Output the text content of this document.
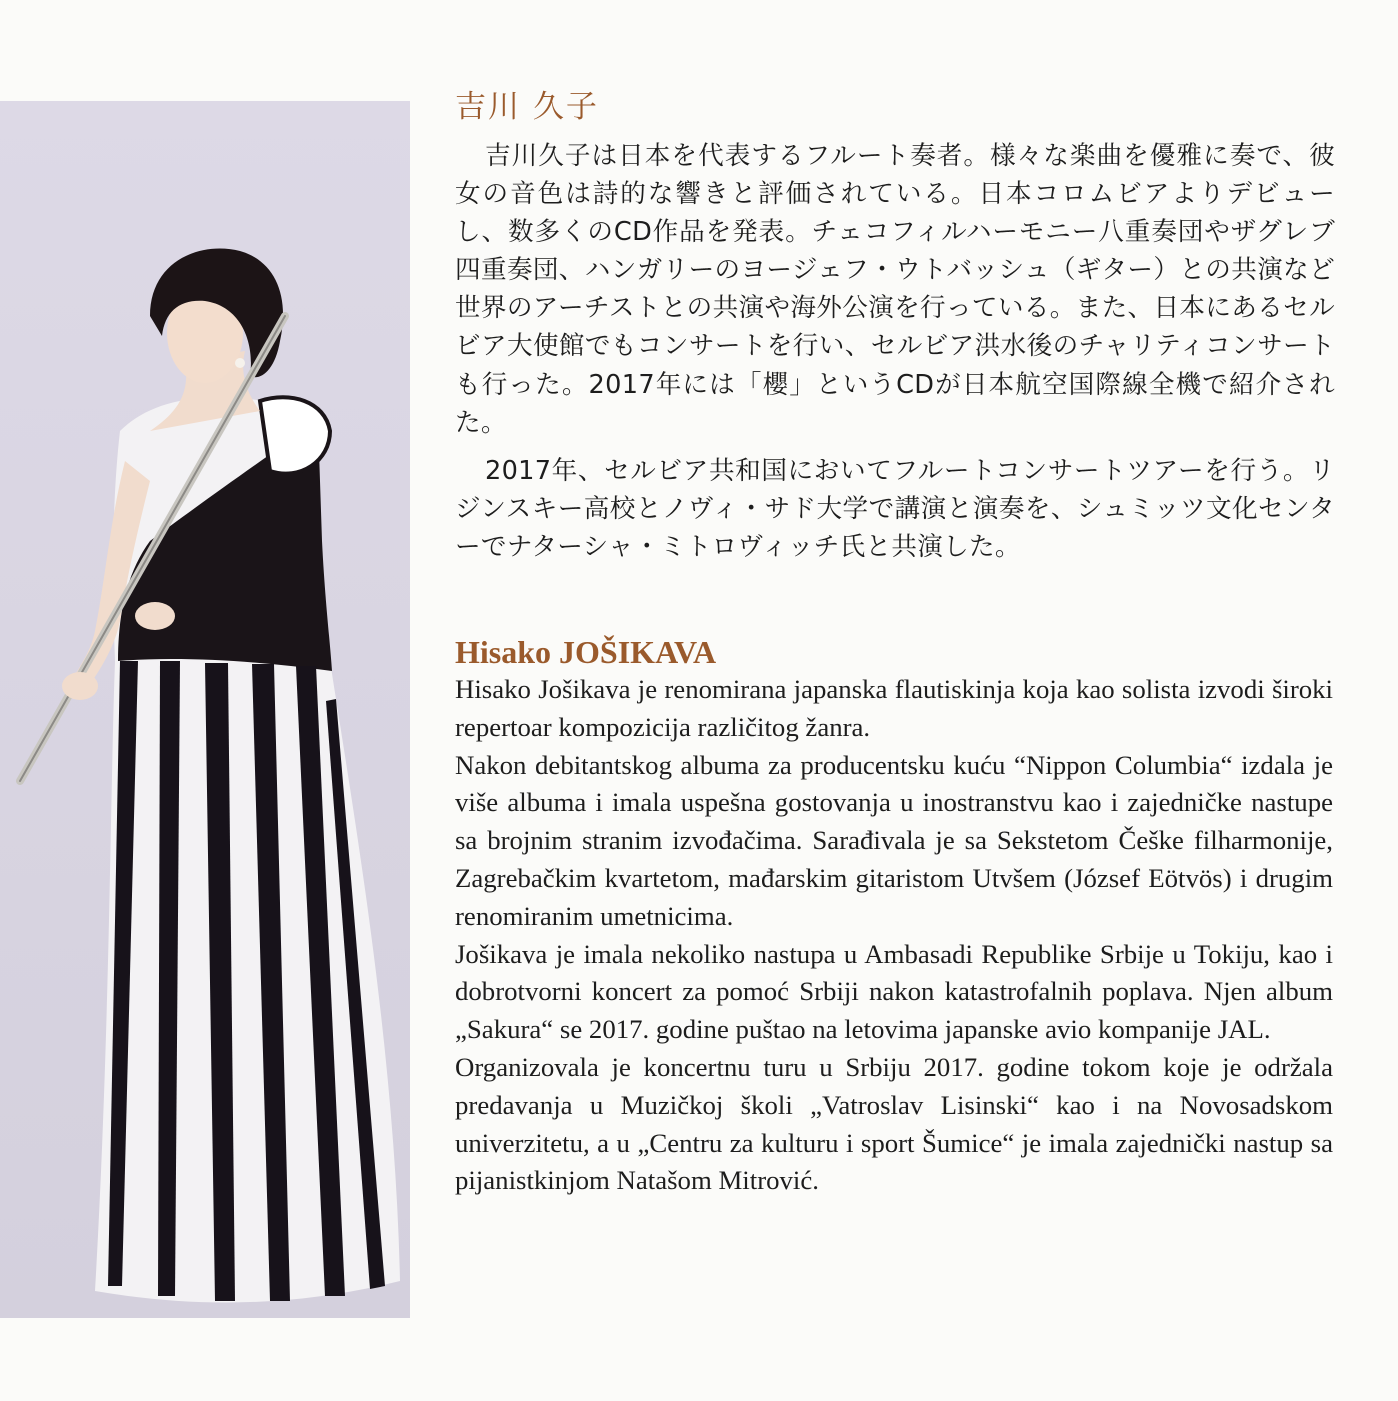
吉川 久子

吉川久子は日本を代表するフルート奏者。様々な楽曲を優雅に奏で、彼女の音色は詩的な響きと評価されている。日本コロムビアよりデビューし、数多くのCD作品を発表。チェコフィルハーモニー八重奏団やザグレブ四重奏団、ハンガリーのヨージェフ・ウトバッシュ（ギター）との共演など世界のアーチストとの共演や海外公演を行っている。また、日本にあるセルビア大使館でもコンサートを行い、セルビア洪水後のチャリティコンサートも行った。2017年には「櫻」というCDが日本航空国際線全機で紹介された。

2017年、セルビア共和国においてフルートコンサートツアーを行う。リジンスキー高校とノヴィ・サド大学で講演と演奏を、シュミッツ文化センターでナターシャ・ミトロヴィッチ氏と共演した。

Hisako JOŠIKAVA

Hisako Jošikava je renomirana japanska flautiskinja koja kao solista izvodi široki repertoar kompozicija različitog žanra.

Nakon debitantskog albuma za producentsku kuću “Nippon Columbia“ izdala je više albuma i imala uspešna gostovanja u inostranstvu kao i zajedničke nastupe sa brojnim stranim izvođačima. Sarađivala je sa Sekstetom Češke filharmonije, Zagrebačkim kvartetom, mađarskim gitaristom Utvšem (József Eötvös) i drugim renomiranim umetnicima.

Jošikava je imala nekoliko nastupa u Ambasadi Republike Srbije u Tokiju, kao i dobrotvorni koncert za pomoć Srbiji nakon katastrofalnih poplava. Njen album „Sakura“ se 2017. godine puštao na letovima japanske avio kompanije JAL.

Organizovala je koncertnu turu u Srbiju 2017. godine tokom koje je održala predavanja u Muzičkoj školi „Vatroslav Lisinski“ kao i na Novosadskom univerzitetu, a u „Centru za kulturu i sport Šumice“ je imala zajednički nastup sa pijanistkinjom Natašom Mitrović.
